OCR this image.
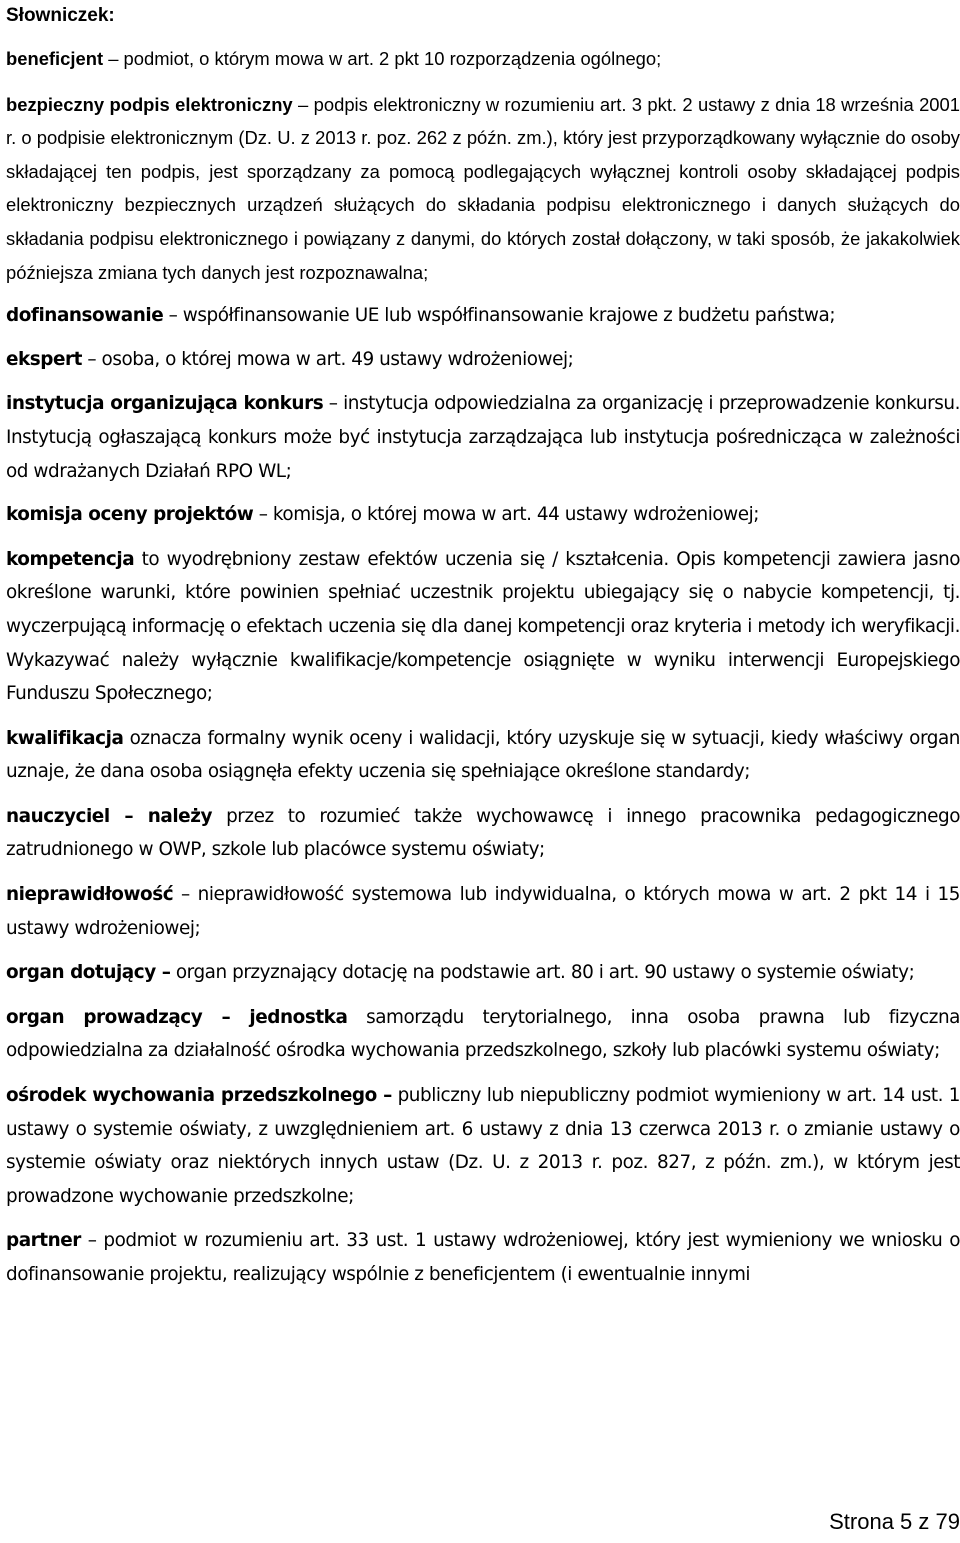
Słowniczek:

beneficjent – podmiot, o którym mowa w art. 2 pkt 10 rozporządzenia ogólnego;

bezpieczny podpis elektroniczny – podpis elektroniczny w rozumieniu art. 3 pkt. 2 ustawy z dnia 18 września 2001 r. o podpisie elektronicznym (Dz. U. z 2013 r. poz. 262 z późn. zm.), który jest przyporządkowany wyłącznie do osoby składającej ten podpis, jest sporządzany za pomocą podlegających wyłącznej kontroli osoby składającej podpis elektroniczny bezpiecznych urządzeń służących do składania podpisu elektronicznego i danych służących do składania podpisu elektronicznego i powiązany z danymi, do których został dołączony, w taki sposób, że jakakolwiek późniejsza zmiana tych danych jest rozpoznawalna;

dofinansowanie – współfinansowanie UE lub współfinansowanie krajowe z budżetu państwa;

ekspert – osoba, o której mowa w art. 49 ustawy wdrożeniowej;

instytucja organizująca konkurs – instytucja odpowiedzialna za organizację i przeprowadzenie konkursu. Instytucją ogłaszającą konkurs może być instytucja zarządzająca lub instytucja pośrednicząca w zależności od wdrażanych Działań RPO WL;

komisja oceny projektów – komisja, o której mowa w art. 44 ustawy wdrożeniowej;

kompetencja to wyodrębniony zestaw efektów uczenia się / kształcenia. Opis kompetencji zawiera jasno określone warunki, które powinien spełniać uczestnik projektu ubiegający się o nabycie kompetencji, tj. wyczerpującą informację o efektach uczenia się dla danej kompetencji oraz kryteria i metody ich weryfikacji. Wykazywać należy wyłącznie kwalifikacje/kompetencje osiągnięte w wyniku interwencji Europejskiego Funduszu Społecznego;

kwalifikacja oznacza formalny wynik oceny i walidacji, który uzyskuje się w sytuacji, kiedy właściwy organ uznaje, że dana osoba osiągnęła efekty uczenia się spełniające określone standardy;

nauczyciel – należy przez to rozumieć także wychowawcę i innego pracownika pedagogicznego zatrudnionego w OWP, szkole lub placówce systemu oświaty;

nieprawidłowość – nieprawidłowość systemowa lub indywidualna, o których mowa w art. 2 pkt 14 i 15 ustawy wdrożeniowej;

organ dotujący – organ przyznający dotację na podstawie art. 80 i art. 90 ustawy o systemie oświaty;

organ prowadzący – jednostka samorządu terytorialnego, inna osoba prawna lub fizyczna odpowiedzialna za działalność ośrodka wychowania przedszkolnego, szkoły lub placówki systemu oświaty;

ośrodek wychowania przedszkolnego – publiczny lub niepubliczny podmiot wymieniony w art. 14 ust. 1 ustawy o systemie oświaty, z uwzględnieniem art. 6 ustawy z dnia 13 czerwca 2013 r. o zmianie ustawy o systemie oświaty oraz niektórych innych ustaw (Dz. U. z 2013 r. poz. 827, z późn. zm.), w którym jest prowadzone wychowanie przedszkolne;

partner – podmiot w rozumieniu art. 33 ust. 1 ustawy wdrożeniowej, który jest wymieniony we wniosku o dofinansowanie projektu, realizujący wspólnie z beneficjentem (i ewentualnie innymi

Strona 5 z 79
